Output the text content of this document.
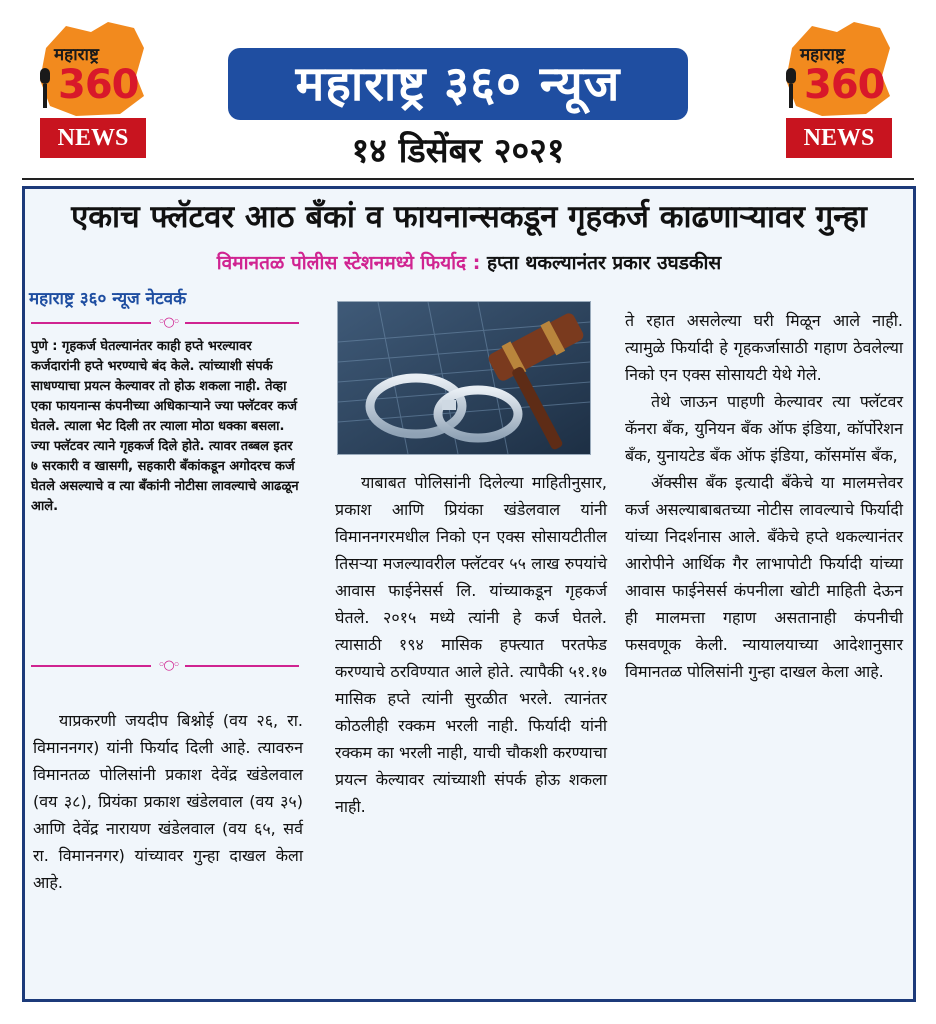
महाराष्ट्र
360
NEWS
महाराष्ट्र
360
NEWS
महाराष्ट्र ३६० न्यूज
१४ डिसेंबर २०२१
एकाच फ्लॅटवर आठ बँकां व फायनान्सकडून गृहकर्ज काढणाऱ्यावर गुन्हा
विमानतळ पोलीस स्टेशनमध्ये फिर्याद : हप्ता थकल्यानंतर प्रकार उघडकीस
महाराष्ट्र ३६० न्यूज नेटवर्क
◦○◦
पुणे : गृहकर्ज घेतल्यानंतर काही हप्ते भरल्यावर कर्जदारांनी हप्ते भरण्याचे बंद केले. त्यांच्याशी संपर्क साधण्याचा प्रयत्न केल्यावर तो होऊ शकला नाही. तेव्हा एका फायनान्स कंपनीच्या अधिकाऱ्याने ज्या फ्लॅटवर कर्ज घेतले. त्याला भेट दिली तर त्याला मोठा धक्का बसला. ज्या फ्लॅटवर त्याने गृहकर्ज दिले होते. त्यावर तब्बल इतर ७ सरकारी व खासगी, सहकारी बँकांकडून अगोदरच कर्ज घेतले असल्याचे व त्या बँकांनी नोटीसा लावल्याचे आढळून आले.
◦○◦

याप्रकरणी जयदीप बिश्नोई (वय २६, रा. विमाननगर) यांनी फिर्याद दिली आहे. त्यावरुन विमानतळ पोलिसांनी प्रकाश देवेंद्र खंडेलवाल (वय ३८), प्रियंका प्रकाश खंडेलवाल (वय ३५) आणि देवेंद्र नारायण खंडेलवाल (वय ६५, सर्व रा. विमाननगर) यांच्यावर गुन्हा दाखल केला आहे.

याबाबत पोलिसांनी दिलेल्या माहितीनुसार, प्रकाश आणि प्रियंका खंडेलवाल यांनी विमाननगरमधील निको एन एक्स सोसायटीतील तिसऱ्या मजल्यावरील फ्लॅटवर ५५ लाख रुपयांचे आवास फाईनेसर्स लि. यांच्याकडून गृहकर्ज घेतले. २०१५ मध्ये त्यांनी हे कर्ज घेतले. त्यासाठी १९४ मासिक हफ्त्यात परतफेड करण्याचे ठरविण्यात आले होते. त्यापैकी ५१.१७ मासिक हप्ते त्यांनी सुरळीत भरले. त्यानंतर कोठलीही रक्कम भरली नाही. फिर्यादी यांनी रक्कम का भरली नाही, याची चौकशी करण्याचा प्रयत्न केल्यावर त्यांच्याशी संपर्क होऊ शकला नाही.

ते रहात असलेल्या घरी मिळून आले नाही. त्यामुळे फिर्यादी हे गृहकर्जासाठी गहाण ठेवलेल्या निको एन एक्स सोसायटी येथे गेले.

तेथे जाऊन पाहणी केल्यावर त्या फ्लॅटवर कॅनरा बँक, युनियन बँक ऑफ इंडिया, कॉर्पोरेशन बँक, युनायटेड बँक ऑफ इंडिया, कॉसमॉस बँक,

ॲक्सीस बँक इत्यादी बँकेचे या मालमत्तेवर कर्ज असल्याबाबतच्या नोटीस लावल्याचे फिर्यादी यांच्या निदर्शनास आले. बँकेचे हप्ते थकल्यानंतर आरोपीने आर्थिक गैर लाभापोटी फिर्यादी यांच्या आवास फाईनेसर्स कंपनीला खोटी माहिती देऊन ही मालमत्ता गहाण असतानाही कंपनीची फसवणूक केली. न्यायालयाच्या आदेशानुसार विमानतळ पोलिसांनी गुन्हा दाखल केला आहे.
